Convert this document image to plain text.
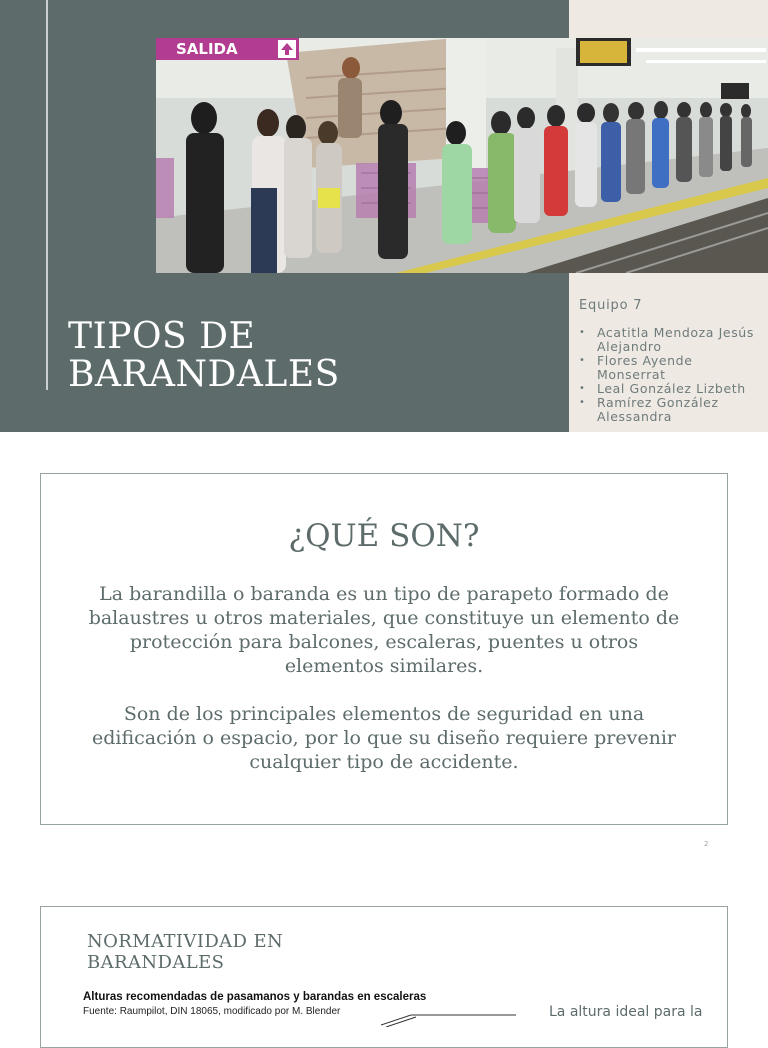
SALIDA
TIPOS DE
BARANDALES
Equipo 7
• Acatitla Mendoza Jesús Alejandro
• Flores Ayende Monserrat
• Leal González Lizbeth
• Ramírez González Alessandra
¿QUÉ SON?

La barandilla o baranda es un tipo de parapeto formado de balaustres u otros materiales, que constituye un elemento de protección para balcones, escaleras, puentes u otros elementos similares.

Son de los principales elementos de seguridad en una edificación o espacio, por lo que su diseño requiere prevenir cualquier tipo de accidente.

2
NORMATIVIDAD EN BARANDALES
Alturas recomendadas de pasamanos y barandas en escaleras
Fuente: Raumpilot, DIN 18065, modificado por M. Blender	La altura ideal para la
